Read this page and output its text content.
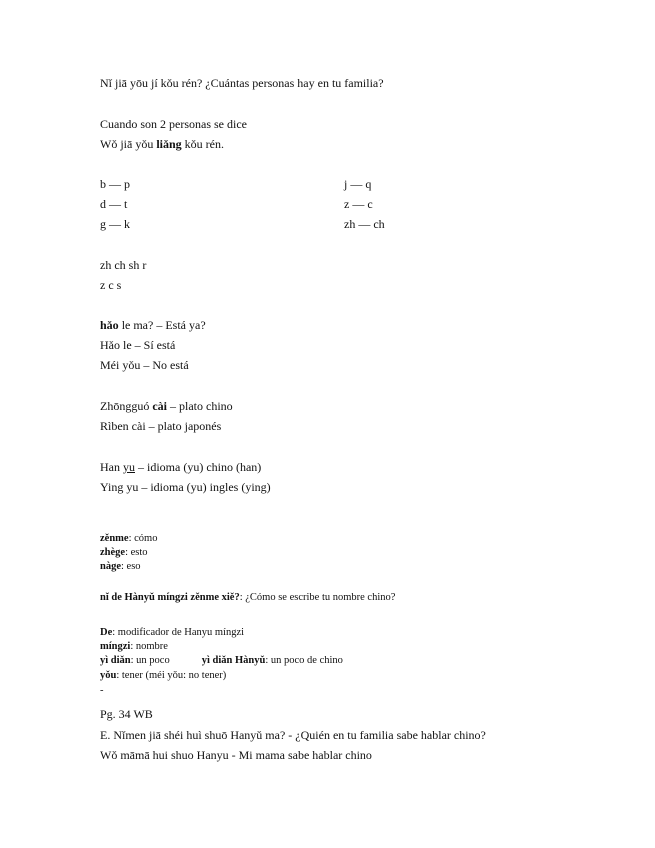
Nǐ jiā yōu jí kǒu rén? ¿Cuántas personas hay en tu familia?
Cuando son 2 personas se dice
Wǒ jiā yǒu liǎng kǒu rén.
b — p
d — t
g — k
j — q
z — c
zh — ch
zh ch sh r
z c s
hǎo le ma? – Está ya?
Hǎo le – Sí está
Méi yǒu – No está
Zhōngguó cài – plato chino
Rìben cài – plato japonés
Han yu – idioma (yu) chino (han)
Ying yu – idioma (yu) ingles (ying)
zěnme: cómo
zhège: esto
nàge: eso
nǐ de Hànyǔ míngzi zěnme xiě?: ¿Cómo se escribe tu nombre chino?
De: modificador de Hanyu míngzi
míngzi: nombre
yì diǎn: un poco	yì diǎn Hànyǔ: un poco de chino
yǒu: tener (méi yǒu: no tener)
-
Pg. 34 WB
E. Nǐmen jiā shéi huì shuō Hanyǔ ma? - ¿Quién en tu familia sabe hablar chino?
Wǒ māmā hui shuo Hanyu - Mi mama sabe hablar chino
